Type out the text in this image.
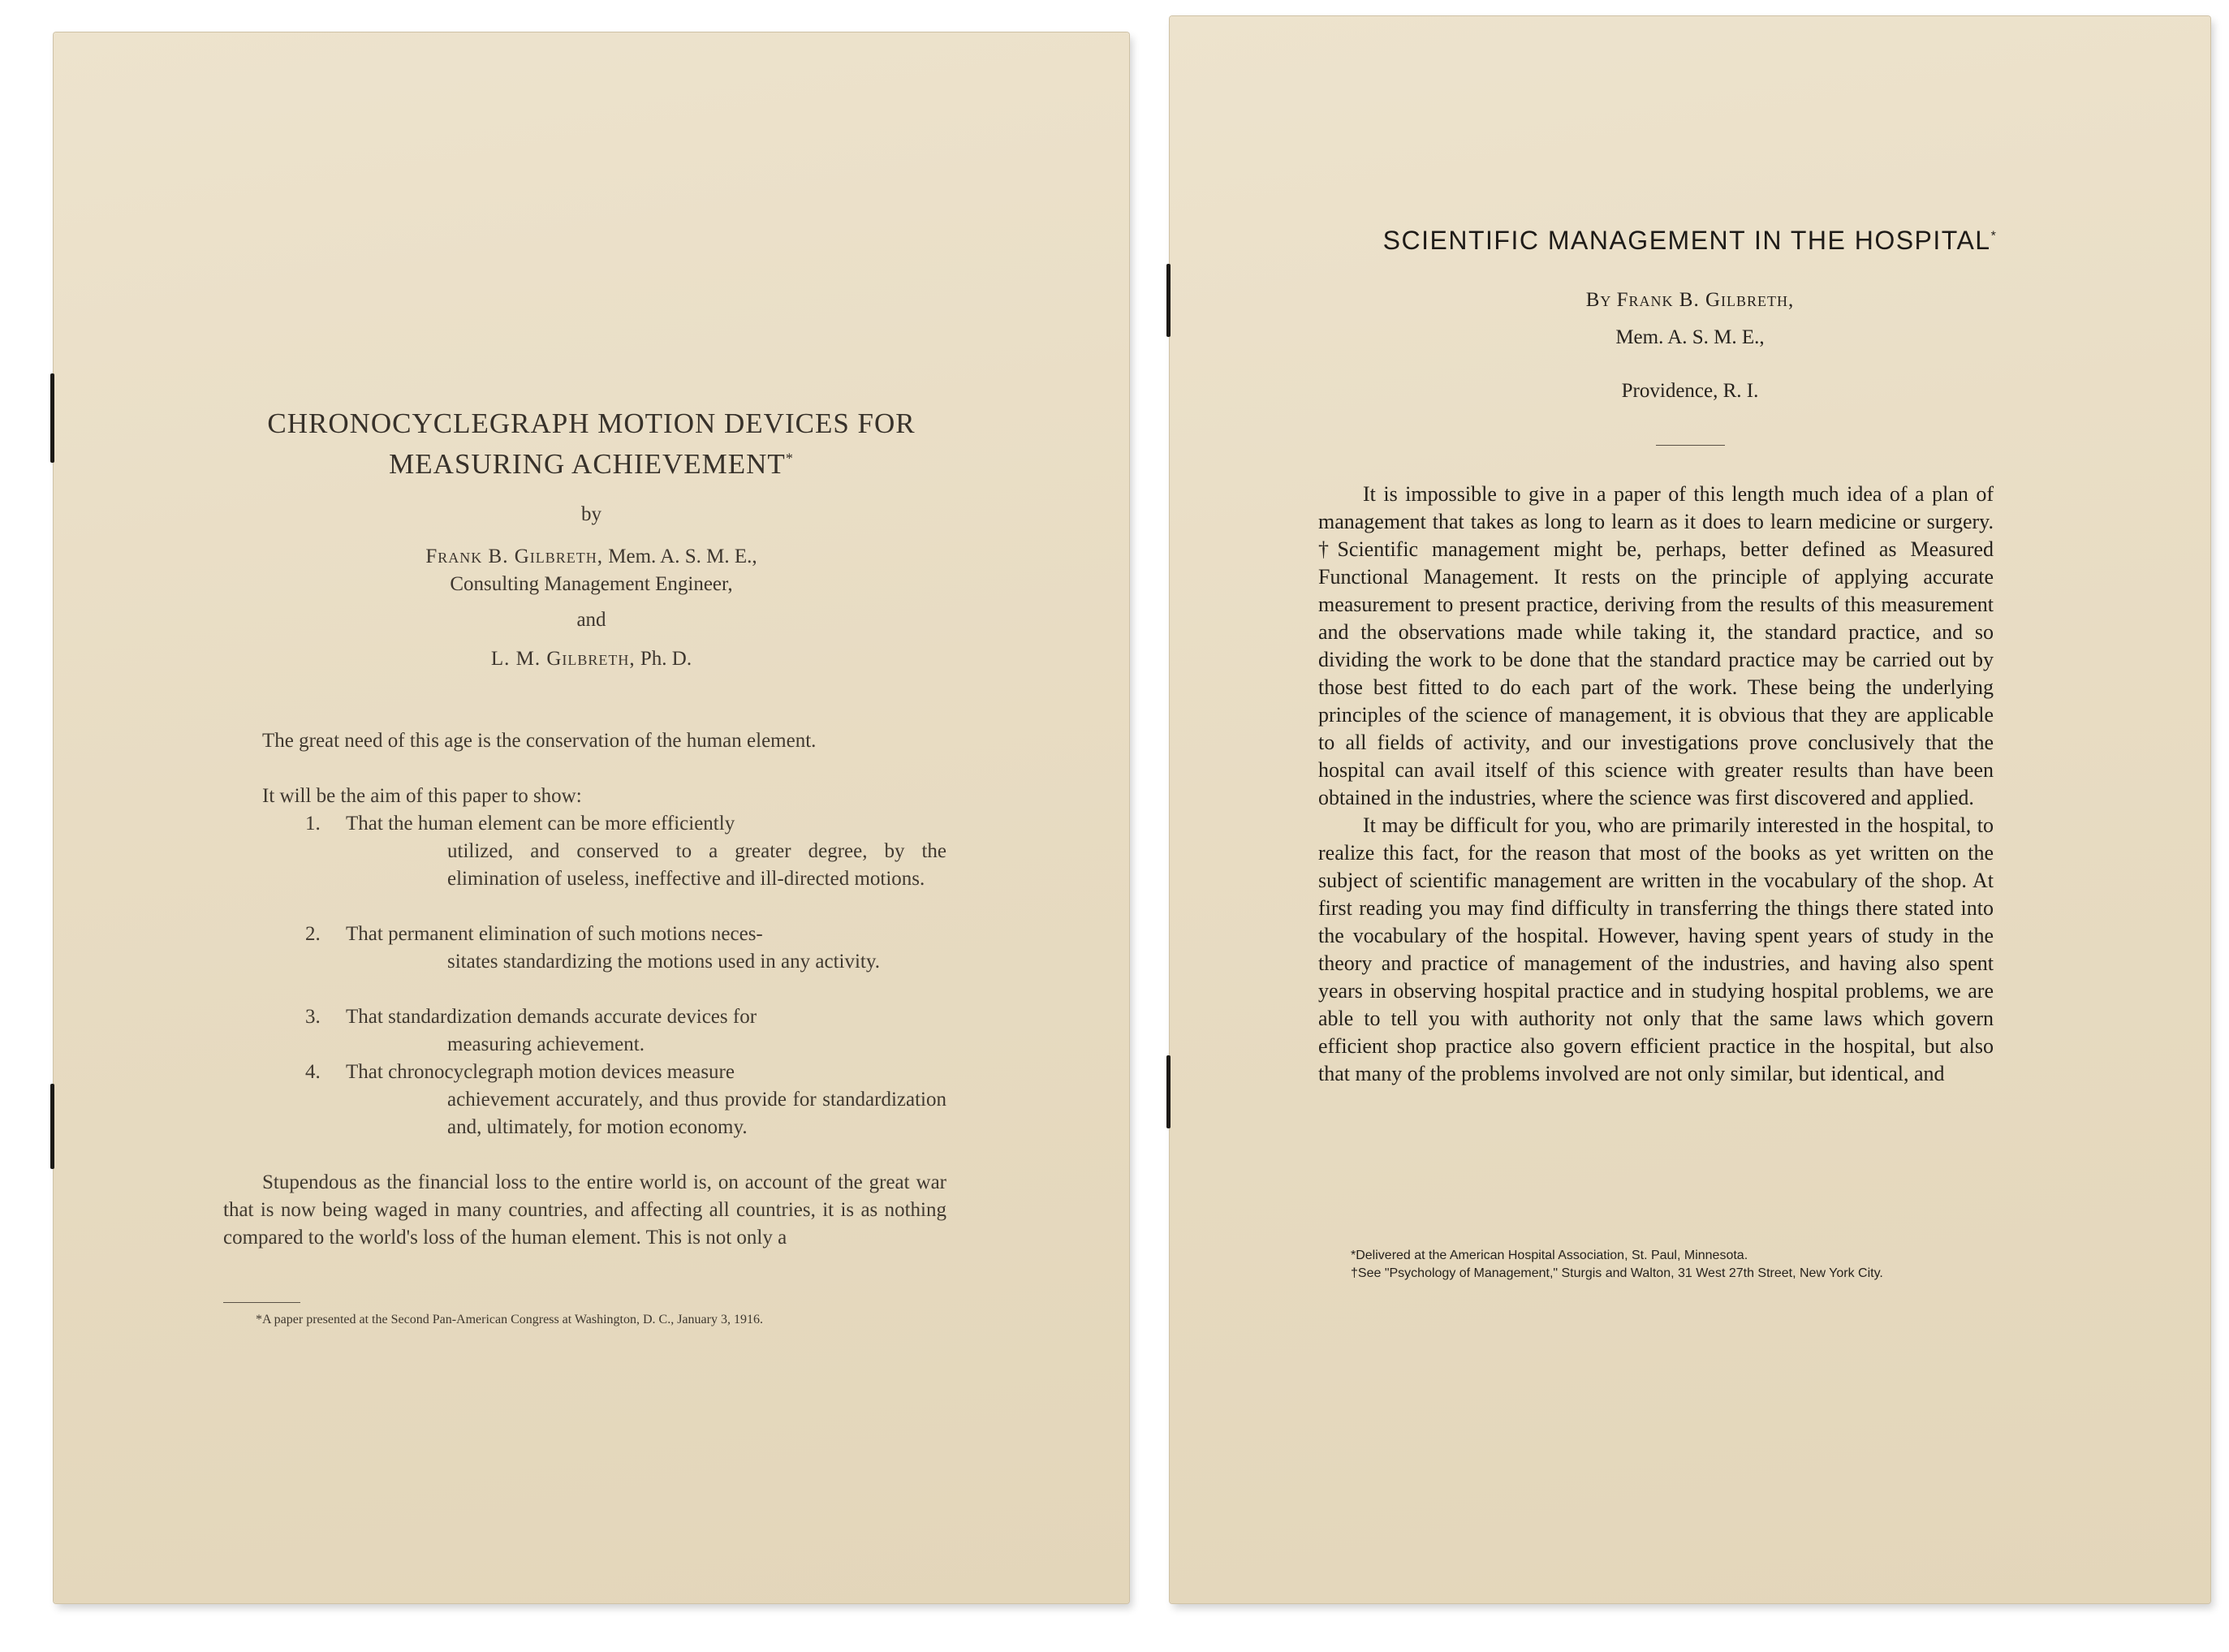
CHRONOCYCLEGRAPH MOTION DEVICES FOR
MEASURING ACHIEVEMENT*
by
Frank B. Gilbreth, Mem. A. S. M. E.,
Consulting Management Engineer,
and
L. M. Gilbreth, Ph. D.
The great need of this age is the conservation of the human element.
It will be the aim of this paper to show:
1. That the human element can be more efficiently
utilized, and conserved to a greater degree, by the elimination of useless, ineffective and ill-directed motions.
2. That permanent elimination of such motions neces-
sitates standardizing the motions used in any activity.
3. That standardization demands accurate devices for
measuring achievement.
4. That chronocyclegraph motion devices measure
achievement accurately, and thus provide for standardization and, ultimately, for motion economy.
Stupendous as the financial loss to the entire world is, on account of the great war that is now being waged in many countries, and affecting all countries, it is as nothing compared to the world's loss of the human element. This is not only a
*A paper presented at the Second Pan-American Congress at Washington, D. C., January 3, 1916.
SCIENTIFIC MANAGEMENT IN THE HOSPITAL*
By Frank B. Gilbreth,
Mem. A. S. M. E.,
Providence, R. I.

It is impossible to give in a paper of this length much idea of a plan of management that takes as long to learn as it does to learn medicine or surgery. †Scientific management might be, perhaps, better defined as Measured Functional Management. It rests on the principle of applying accurate measurement to present practice, deriving from the results of this measurement and the observations made while taking it, the standard practice, and so dividing the work to be done that the standard practice may be carried out by those best fitted to do each part of the work. These being the underlying principles of the science of management, it is obvious that they are applicable to all fields of activity, and our investigations prove conclusively that the hospital can avail itself of this science with greater results than have been obtained in the industries, where the science was first discovered and applied.

It may be difficult for you, who are primarily interested in the hospital, to realize this fact, for the reason that most of the books as yet written on the subject of scientific management are written in the vocabulary of the shop. At first reading you may find difficulty in transferring the things there stated into the vocabulary of the hospital. However, having spent years of study in the theory and practice of management of the industries, and having also spent years in observing hospital practice and in studying hospital problems, we are able to tell you with authority not only that the same laws which govern efficient shop practice also govern efficient practice in the hospital, but also that many of the problems involved are not only similar, but identical, and

*Delivered at the American Hospital Association, St. Paul, Minnesota.
†See "Psychology of Management," Sturgis and Walton, 31 West 27th Street, New York City.
